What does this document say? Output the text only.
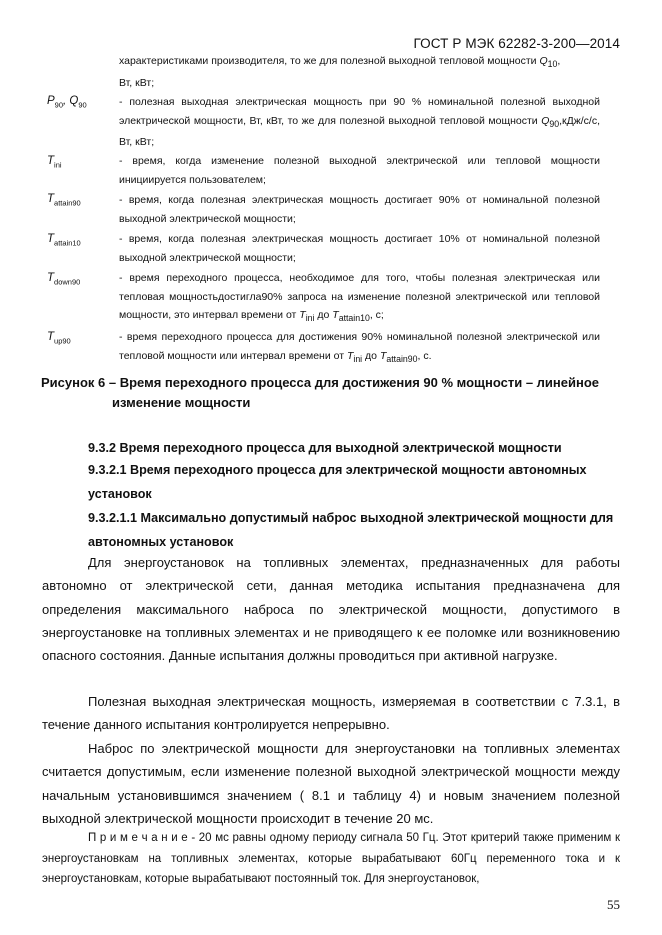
ГОСТ Р МЭК 62282-3-200—2014
характеристиками производителя, то же для полезной выходной тепловой мощности $Q_{10}$,
Вт, кВт;
$P_{90}$, $Q_{90}$	- полезная выходная электрическая мощность при 90 % номинальной полезной выходной электрической мощности, Вт, кВт, то же для полезной выходной тепловой мощности $Q_{90},кДж/с/с$, Вт, кВт;
$T_{ini}$	- время, когда изменение полезной выходной электрической или тепловой мощности инициируется пользователем;
$T_{attain90}$	- время, когда полезная электрическая мощность достигает 90% от номинальной полезной выходной электрической мощности;
$T_{attain10}$	- время, когда полезная электрическая мощность достигает 10% от номинальной полезной выходной электрической мощности;
$T_{down90}$	- время переходного процесса, необходимое для того, чтобы полезная электрическая или тепловая мощностьдостигла90% запроса на изменение полезной электрической или тепловой мощности, это интервал времени от $T_{ini}$ до $T_{attain10}$, с;
$T_{up90}$	- время переходного процесса для достижения 90% номинальной полезной электрической или тепловой мощности или интервал времени от $T_{ini}$ до $T_{attain90}$, с.
Рисунок 6 – Время переходного процесса для достижения 90 % мощности – линейное
изменение мощности
9.3.2 Время переходного процесса для выходной электрической мощности
9.3.2.1 Время переходного процесса для электрической мощности автономных установок
9.3.2.1.1 Максимально допустимый наброс выходной электрической мощности для автономных установок
Для энергоустановок на топливных элементах, предназначенных для работы автономно от электрической сети, данная методика испытания предназначена для определения максимального наброса по электрической мощности, допустимого в энергоустановке на топливных элементах и не приводящего к ее поломке или возникновению опасного состояния. Данные испытания должны проводиться при активной нагрузке.
Полезная выходная электрическая мощность, измеряемая в соответствии с 7.3.1, в течение данного испытания контролируется непрерывно.
Наброс по электрической мощности для энергоустановки на топливных элементах считается допустимым, если изменение полезной выходной электрической мощности между начальным установившимся значением ( 8.1 и таблицу 4) и новым значением полезной выходной электрической мощности происходит в течение 20 мс.
П р и м е ч а н и е - 20 мс равны одному периоду сигнала 50 Гц. Этот критерий также применим к энергоустановкам на топливных элементах, которые вырабатывают 60Гц переменного тока и к энергоустановкам, которые вырабатывают постоянный ток. Для энергоустановок,
55
